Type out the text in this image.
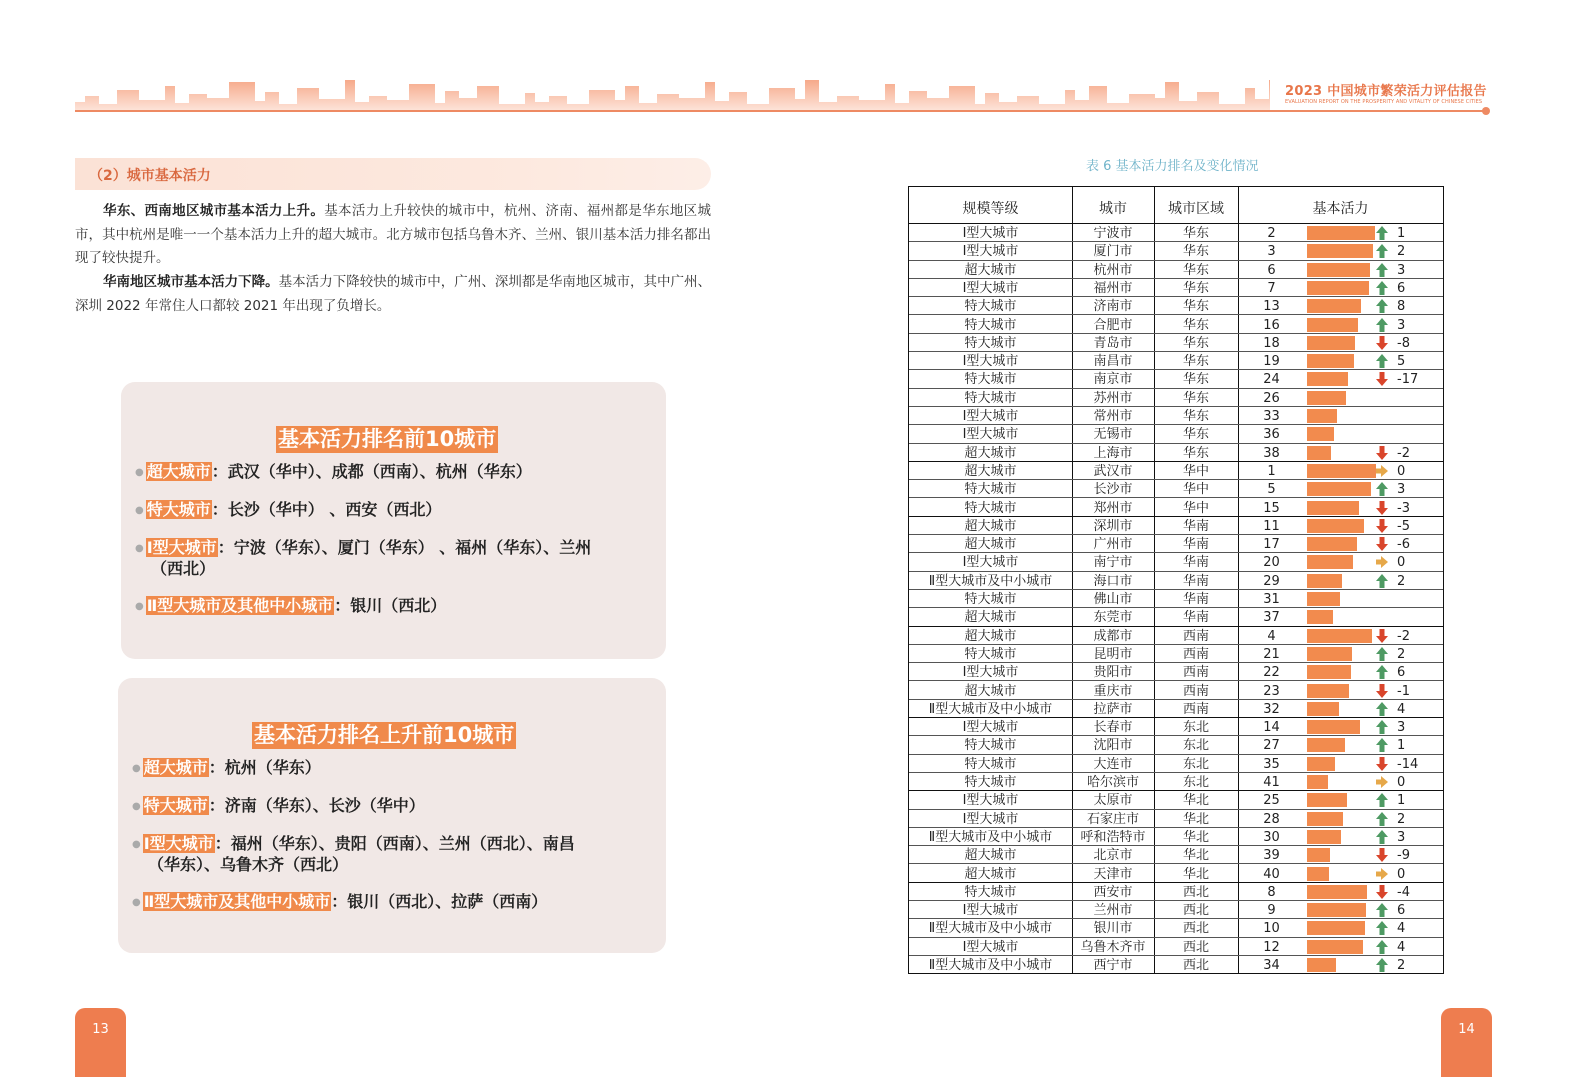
2023 中国城市繁荣活力评估报告
EVALUATION REPORT ON THE PROSPERITY AND VITALITY OF CHINESE CITIES
（2）城市基本活力
华东、西南地区城市基本活力上升。基本活力上升较快的城市中，杭州、济南、福州都是华东地区城市，其中杭州是唯一一个基本活力上升的超大城市。北方城市包括乌鲁木齐、兰州、银川基本活力排名都出现了较快提升。
华南地区城市基本活力下降。基本活力下降较快的城市中，广州、深圳都是华南地区城市，其中广州、深圳 2022 年常住人口都较 2021 年出现了负增长。
基本活力排名前10城市
● 超大城市：武汉（华中）、成都（西南）、杭州（华东）
● 特大城市：长沙（华中） 、西安（西北）
● Ⅰ型大城市：宁波（华东）、厦门（华东） 、福州（华东）、兰州
（西北）
● Ⅱ型大城市及其他中小城市：银川（西北）
基本活力排名上升前10城市
● 超大城市：杭州（华东）
● 特大城市：济南（华东）、长沙（华中）
● Ⅰ型大城市：福州（华东）、贵阳（西南）、兰州（西北）、南昌
（华东）、乌鲁木齐（西北）
● Ⅱ型大城市及其他中小城市：银川（西北）、拉萨（西南）
13
表 6 基本活力排名及变化情况
规模等级	城市	城市区域	基本活力
Ⅰ型大城市	宁波市	华东	2	1
Ⅰ型大城市	厦门市	华东	3	2
超大城市	杭州市	华东	6	3
Ⅰ型大城市	福州市	华东	7	6
特大城市	济南市	华东	13	8
特大城市	合肥市	华东	16	3
特大城市	青岛市	华东	18	-8
Ⅰ型大城市	南昌市	华东	19	5
特大城市	南京市	华东	24	-17
特大城市	苏州市	华东	26
Ⅰ型大城市	常州市	华东	33
Ⅰ型大城市	无锡市	华东	36
超大城市	上海市	华东	38	-2
超大城市	武汉市	华中	1	0
特大城市	长沙市	华中	5	3
特大城市	郑州市	华中	15	-3
超大城市	深圳市	华南	11	-5
超大城市	广州市	华南	17	-6
Ⅰ型大城市	南宁市	华南	20	0
Ⅱ型大城市及中小城市	海口市	华南	29	2
特大城市	佛山市	华南	31
超大城市	东莞市	华南	37
超大城市	成都市	西南	4	-2
特大城市	昆明市	西南	21	2
Ⅰ型大城市	贵阳市	西南	22	6
超大城市	重庆市	西南	23	-1
Ⅱ型大城市及中小城市	拉萨市	西南	32	4
Ⅰ型大城市	长春市	东北	14	3
特大城市	沈阳市	东北	27	1
特大城市	大连市	东北	35	-14
特大城市	哈尔滨市	东北	41	0
Ⅰ型大城市	太原市	华北	25	1
Ⅰ型大城市	石家庄市	华北	28	2
Ⅱ型大城市及中小城市	呼和浩特市	华北	30	3
超大城市	北京市	华北	39	-9
超大城市	天津市	华北	40	0
特大城市	西安市	西北	8	-4
Ⅰ型大城市	兰州市	西北	9	6
Ⅱ型大城市及中小城市	银川市	西北	10	4
Ⅰ型大城市	乌鲁木齐市	西北	12	4
Ⅱ型大城市及中小城市	西宁市	西北	34	2
14
